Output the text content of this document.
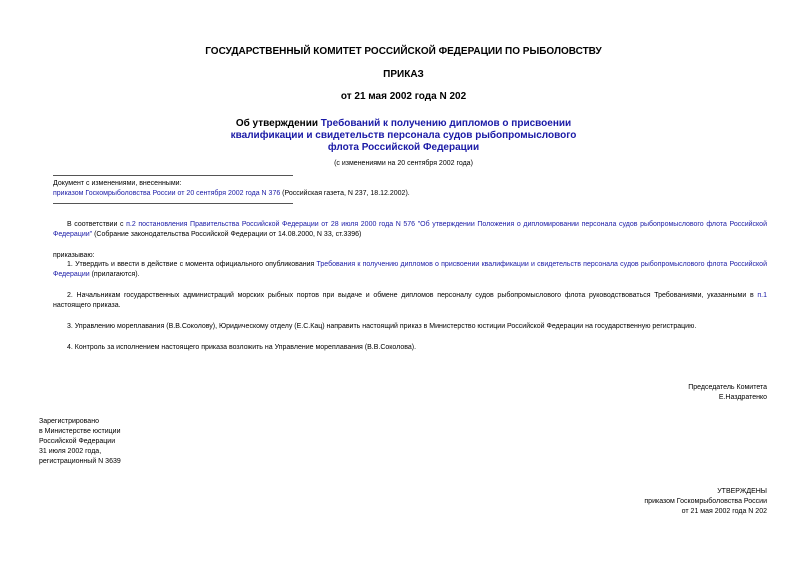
ГОСУДАРСТВЕННЫЙ КОМИТЕТ РОССИЙСКОЙ ФЕДЕРАЦИИ ПО РЫБОЛОВСТВУ
ПРИКАЗ
от 21 мая 2002 года N 202
Об утверждении Требований к получению дипломов о присвоении
квалификации и свидетельств персонала судов рыбопромыслового
флота Российской Федерации
(с изменениями на 20 сентября 2002 года)
Документ с изменениями, внесенными:
приказом Госкомрыболовства России от 20 сентября 2002 года N 376 (Российская газета, N 237, 18.12.2002).
В соответствии с п.2 постановления Правительства Российской Федерации от 28 июля 2000 года N 576 "Об утверждении Положения о дипломировании персонала судов рыбопромыслового флота Российской Федерации" (Собрание законодательства Российской Федерации от 14.08.2000, N 33, ст.3396)
приказываю:
1. Утвердить и ввести в действие с момента официального опубликования Требования к получению дипломов о присвоении квалификации и свидетельств персонала судов рыбопромыслового флота Российской Федерации (прилагаются).
2. Начальникам государственных администраций морских рыбных портов при выдаче и обмене дипломов персоналу судов рыбопромыслового флота руководствоваться Требованиями, указанными в п.1 настоящего приказа.
3. Управлению мореплавания (В.В.Соколову), Юридическому отделу (Е.С.Кац) направить настоящий приказ в Министерство юстиции Российской Федерации на государственную регистрацию.
4. Контроль за исполнением настоящего приказа возложить на Управление мореплавания (В.В.Соколова).
Председатель Комитета
Е.Наздратенко
Зарегистрировано
в Министерстве юстиции
Российской Федерации
31 июля 2002 года,
регистрационный N 3639
УТВЕРЖДЕНЫ
приказом Госкомрыболовства России
от 21 мая 2002 года N 202
